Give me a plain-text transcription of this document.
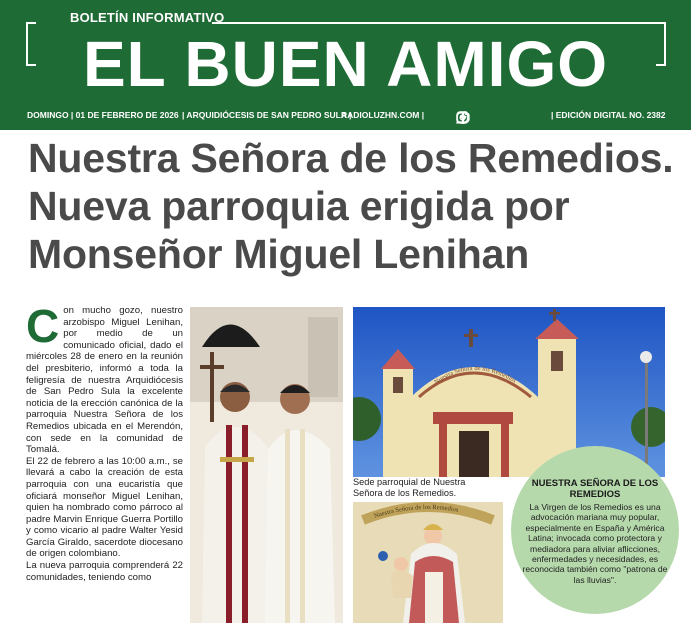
BOLETÍN INFORMATIVO
EL BUEN AMIGO
DOMINGO | 01 DE FEBRERO DE 2026 | ARQUIDIÓCESIS DE SAN PEDRO SULA |
RADIOLUZHN.COM |	| EDICIÓN DIGITAL NO. 2382
Nuestra Señora de los Remedios.
Nueva parroquia erigida por
Monseñor Miguel Lenihan

Con mucho gozo, nuestro arzobispo Miguel Lenihan, por medio de un comunicado oficial, dado el miércoles 28 de enero en la reunión del presbiterio, informó a toda la feligresía de nuestra Arquidiócesis de San Pedro Sula la excelente noticia de la erección canónica de la parroquia Nuestra Señora de los Remedios ubicada en el Merendón, con sede en la comunidad de Tomalá.

El 22 de febrero a las 10:00 a.m., se llevará a cabo la creación de esta parroquia con una eucaristía que oficiará monseñor Miguel Lenihan, quien ha nombrado como párroco al padre Marvin Enrique Guerra Portillo y como vicario al padre Walter Yesid García Giraldo, sacerdote diocesano de origen colombiano.

La nueva parroquia comprenderá 22 comunidades, teniendo como

Nuestra Señora de los Remedios
Sede parroquial de Nuestra Señora de los Remedios.
Nuestra Señora de los Remedios
NUESTRA SEÑORA DE LOS REMEDIOS
La Virgen de los Remedios es una advocación mariana muy popular, especialmente en España y América Latina; invocada como protectora y mediadora para aliviar aflicciones, enfermedades y necesidades, es reconocida también como "patrona de las lluvias".
